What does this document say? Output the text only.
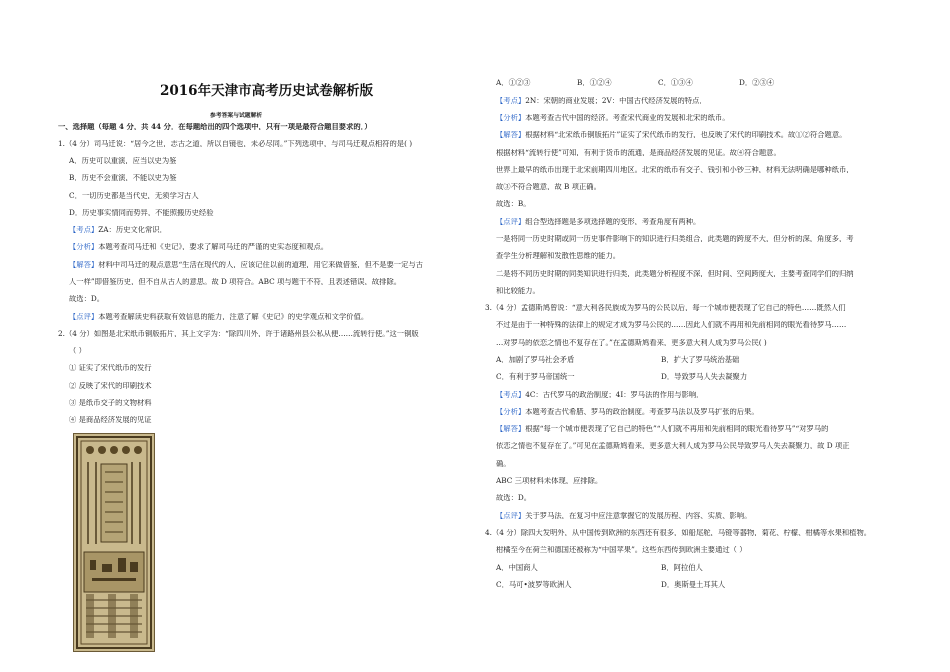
2016年天津市高考历史试卷解析版
参考答案与试题解析
一、选择题（每题 4 分，共 44 分．在每题给出的四个选项中，只有一项是最符合题目要求的．）
1.（4 分）司马迁说：“居今之世，志古之道，所以自镜也，未必尽同。”下列选项中，与司马迁观点相符的是( )
A．历史可以重演，应当以史为鉴
B．历史不会重演，不能以史为鉴
C．一切历史都是当代史，无须学习古人
D．历史事实情同而势异，不能照搬历史经验
【考点】ZA：历史文化常识．
【分析】本题考查司马迁和《史记》，要求了解司马迁的严谨的史实态度和观点。
【解答】材料中司马迁的观点意思“生活在现代的人，应该记住以前的道理，用它来做借鉴，但不是要一定与古
人一样”即借鉴历史，但不自从古人的意思。故 D 项符合。ABC 项与题干不符，且表述错误，故排除。
故选：D。
【点评】本题考查解读史料获取有效信息的能力，注意了解《史记》的史学观点和文学价值。
2.（4 分）如图是北宋纸币铜版拓片，其上文字为：“除四川外，许于诸路州县公私从便……流转行使。”这一铜版
（ ）
① 证实了宋代纸币的发行
② 反映了宋代的印刷技术
③ 是纸币交子的文物材料
④ 是商品经济发展的见证
A．①②③	B．①②④	C．①③④	D．②③④
【考点】2N：宋朝的商业发展；2V：中国古代经济发展的特点．
【分析】本题考查古代中国的经济。考查宋代商业的发展和北宋的纸币。
【解答】根据材料“北宋纸币铜版拓片”证实了宋代纸币的发行，也反映了宋代的印刷技术。故①②符合题意。
根据材料“流转行使”可知，有利于货币的流通，是商品经济发展的见证。故④符合题意。
世界上最早的纸币出现于北宋前期四川地区。北宋的纸币有交子、钱引和小钞三种，材料无法明确是哪种纸币，
故③不符合题意，故 B 项正确。
故选：B。
【点评】组合型选择题是多项选择题的变形，考查角度有两种。
一是将同一历史时期或同一历史事件影响下的知识进行归类组合，此类题的跨度不大，但分析的深，角度多，考
查学生分析理解和发散性思维的能力。
二是将不同历史时期的同类知识进行归类，此类题分析程度不深，但时间、空间跨度大，主要考查同学们的归纳
和比较能力。
3.（4 分）孟德斯鸠曾说：“意大利各民族成为罗马的公民以后，每一个城市便表现了它自己的特色……既然人们
不过是由于一种特殊的法律上的规定才成为罗马公民的……因此人们就不再用和先前相同的眼光看待罗马……
…对罗马的依恋之情也不复存在了。”在孟德斯鸠看来，更多意大利人成为罗马公民( )
A．加剧了罗马社会矛盾	B．扩大了罗马统治基础
C．有利于罗马帝国统一	D．导致罗马人失去凝聚力
【考点】4C：古代罗马的政治制度；4I：罗马法的作用与影响．
【分析】本题考查古代希腊、罗马的政治制度。考查罗马法以及罗马扩张的后果。
【解答】根据“每一个城市便表现了它自己的特色”“人们就不再用和先前相同的眼光看待罗马”“对罗马的
依恋之情也不复存在了。”可见在孟德斯鸠看来，更多意大利人成为罗马公民导致罗马人失去凝聚力，故 D 项正
确。
ABC 三项材料未体现，应排除。
故选：D。
【点评】关于罗马法，在复习中应注意掌握它的发展历程、内容、实质、影响。
4.（4 分）除四大发明外，从中国传到欧洲的东西还有很多，如船尾舵，马镫等器物，菊花、柠檬、柑橘等水果和植物。
柑橘至今在荷兰和德国还被称为“中国苹果”。这些东西传到欧洲主要通过（ ）
A．中国商人	B．阿拉伯人
C．马可•波罗等欧洲人	D．奥斯曼土耳其人
